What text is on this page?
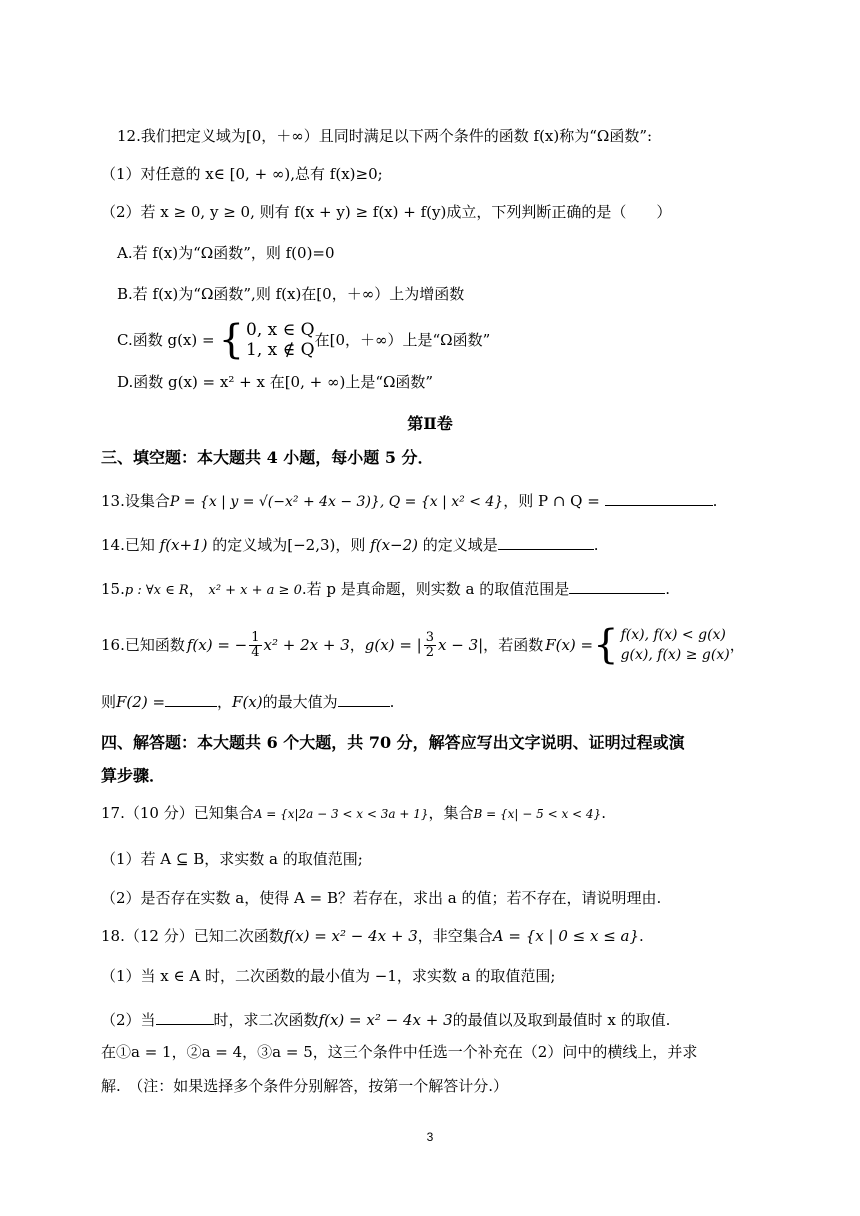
12.我们把定义域为[0，＋∞）且同时满足以下两个条件的函数 f(x)称为“Ω函数”:
（1）对任意的 x∈ [0, + ∞),总有 f(x)≥0;
（2）若 x ≥ 0, y ≥ 0, 则有 f(x + y) ≥ f(x) + f(y)成立，下列判断正确的是（　　）
A.若 f(x)为“Ω函数”，则 f(0)=0
B.若 f(x)为“Ω函数”,则 f(x)在[0，＋∞）上为增函数
C.函数 g(x) = { 0, x ∈ Q
1, x ∉ Q 在[0，＋∞）上是“Ω函数”
D.函数 g(x) = x² + x 在[0, + ∞)上是“Ω函数”
第Ⅱ卷
三、填空题：本大题共 4 小题，每小题 5 分．
13.设集合P = {x | y = √(−x² + 4x − 3)}, Q = {x | x² < 4}，则 P ∩ Q =	.
14.已知 f(x+1) 的定义域为[−2,3)，则 f(x−2) 的定义域是	.
15.p : ∀x ∈ R， x² + x + a ≥ 0.若 p 是真命题，则实数 a 的取值范围是	.
16.已知函数 f(x) = − $\frac{1}{4} x^2 + 2x + 3$ ， g(x) = | $\frac{3}{2}$ x − 3| ， 若函数 F(x) = { f(x), f(x) < g(x)
g(x), f(x) ≥ g(x)
，
则F(2) =	，F(x)的最大值为	.
四、解答题：本大题共 6 个大题，共 70 分，解答应写出文字说明、证明过程或演
算步骤．
17.（10 分）已知集合A = {x|2a − 3 < x < 3a + 1}，集合B = {x| − 5 < x < 4}.
（1）若 A ⊆ B，求实数 a 的取值范围;
（2）是否存在实数 a，使得 A = B？若存在，求出 a 的值；若不存在，请说明理由.
18.（12 分）已知二次函数f(x) = x² − 4x + 3，非空集合A = {x | 0 ≤ x ≤ a}.
（1）当 x ∈ A 时，二次函数的最小值为 −1，求实数 a 的取值范围;
（2）当	时，求二次函数f(x) = x² − 4x + 3的最值以及取到最值时 x 的取值.
在①a = 1，②a = 4，③a = 5，这三个条件中任选一个补充在（2）问中的横线上，并求
解.　（注：如果选择多个条件分别解答，按第一个解答计分.）
3
